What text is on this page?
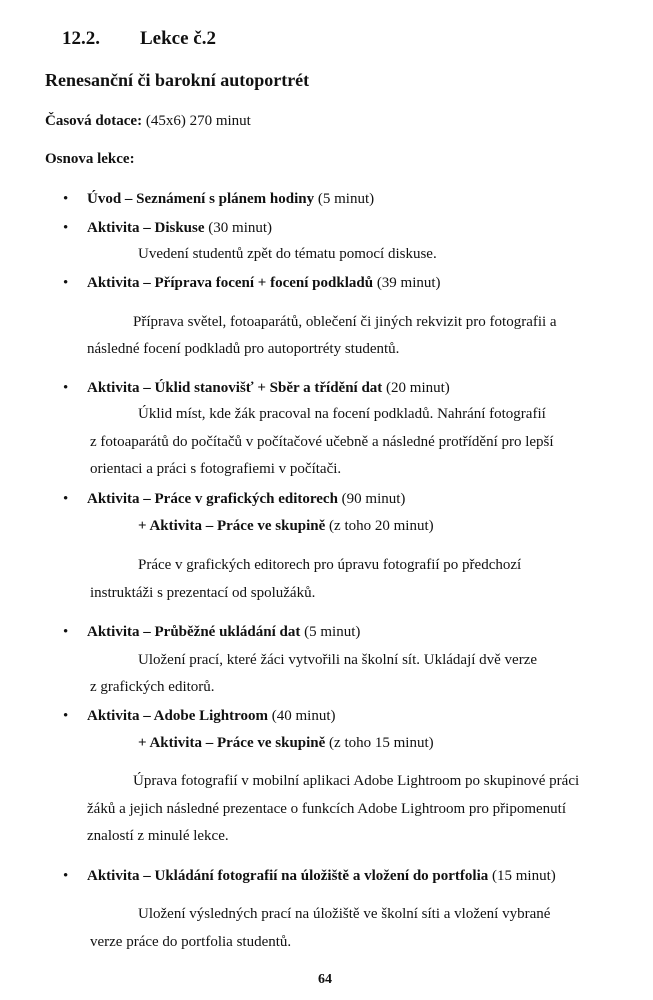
12.2. Lekce č.2
Renesanční či barokní autoportrét
Časová dotace: (45x6) 270 minut
Osnova lekce:
• Úvod – Seznámení s plánem hodiny (5 minut)
• Aktivita – Diskuse (30 minut)
Uvedení studentů zpět do tématu pomocí diskuse.
• Aktivita – Příprava focení + focení podkladů (39 minut)
Příprava světel, fotoaparátů, oblečení či jiných rekvizit pro fotografii a
následné focení podkladů pro autoportréty studentů.
• Aktivita – Úklid stanovišť + Sběr a třídění dat (20 minut)
Úklid míst, kde žák pracoval na focení podkladů. Nahrání fotografií
z fotoaparátů do počítačů v počítačové učebně a následné protřídění pro lepší
orientaci a práci s fotografiemi v počítači.
• Aktivita – Práce v grafických editorech (90 minut)
+ Aktivita – Práce ve skupině (z toho 20 minut)
Práce v grafických editorech pro úpravu fotografií po předchozí
instruktáži s prezentací od spolužáků.
• Aktivita – Průběžné ukládání dat (5 minut)
Uložení prací, které žáci vytvořili na školní sít. Ukládají dvě verze
z grafických editorů.
• Aktivita – Adobe Lightroom (40 minut)
+ Aktivita – Práce ve skupině (z toho 15 minut)
Úprava fotografií v mobilní aplikaci Adobe Lightroom po skupinové práci
žáků a jejich následné prezentace o funkcích Adobe Lightroom pro připomenutí
znalostí z minulé lekce.
• Aktivita – Ukládání fotografií na úložiště a vložení do portfolia (15 minut)
Uložení výsledných prací na úložiště ve školní síti a vložení vybrané
verze práce do portfolia studentů.
64
